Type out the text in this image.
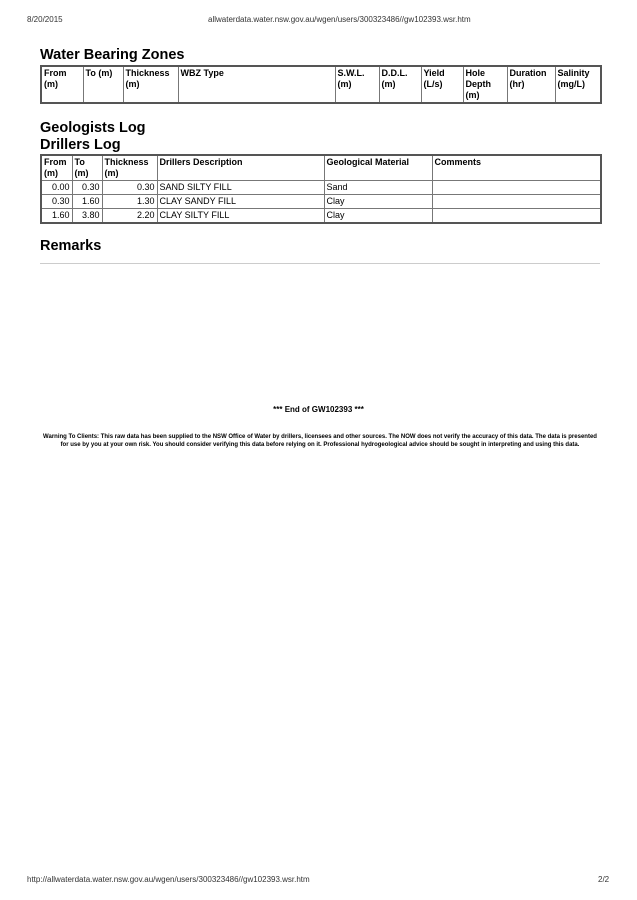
8/20/2015	allwaterdata.water.nsw.gov.au/wgen/users/300323486//gw102393.wsr.htm
Water Bearing Zones
From (m)	To (m)	Thickness (m)	WBZ Type	S.W.L. (m)	D.D.L. (m)	Yield (L/s)	Hole Depth (m)	Duration (hr)	Salinity (mg/L)
Geologists Log
Drillers Log
From (m)	To (m)	Thickness (m)	Drillers Description	Geological Material	Comments
0.00	0.30	0.30	SAND SILTY FILL	Sand	
0.30	1.60	1.30	CLAY SANDY FILL	Clay	
1.60	3.80	2.20	CLAY SILTY FILL	Clay	
Remarks
*** End of GW102393 ***
Warning To Clients: This raw data has been supplied to the NSW Office of Water by drillers, licensees and other sources. The NOW does not verify the accuracy of this data. The data is presented for use by you at your own risk. You should consider verifying this data before relying on it. Professional hydrogeological advice should be sought in interpreting and using this data.
http://allwaterdata.water.nsw.gov.au/wgen/users/300323486//gw102393.wsr.htm	2/2
